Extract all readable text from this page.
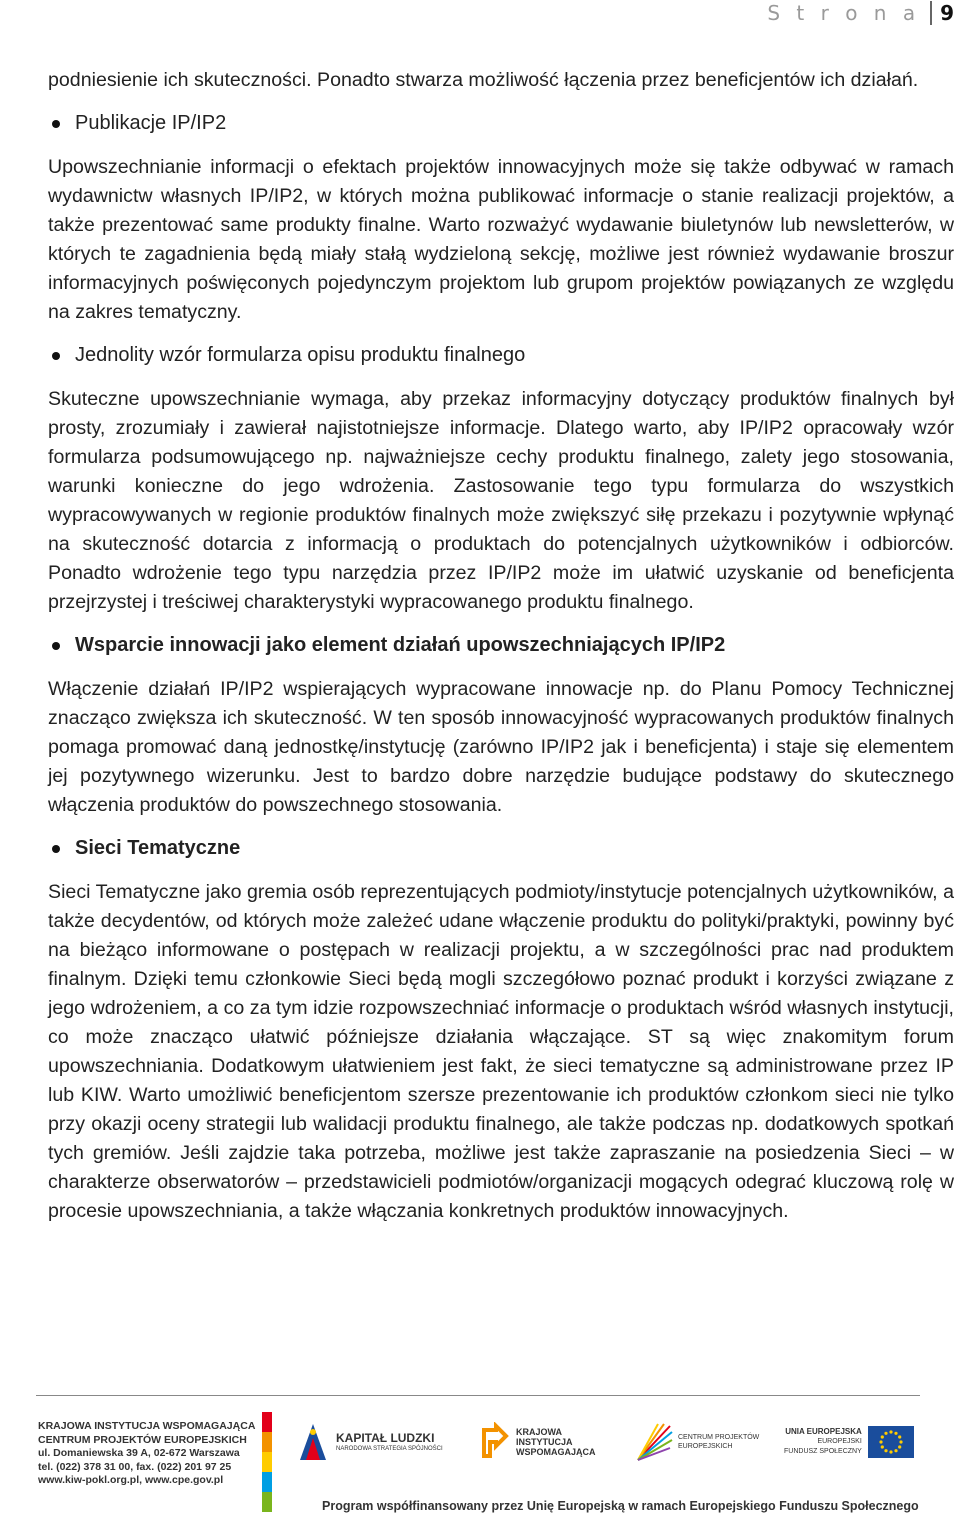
S t r o n a	9

podniesienie ich skuteczności. Ponadto stwarza możliwość łączenia przez beneficjentów ich działań.

Publikacje IP/IP2

Upowszechnianie informacji o efektach projektów innowacyjnych może się także odbywać w ramach wydawnictw własnych IP/IP2, w których można publikować informacje o stanie realizacji projektów, a także prezentować same produkty finalne. Warto rozważyć wydawanie biuletynów lub newsletterów, w których te zagadnienia będą miały stałą wydzieloną sekcję, możliwe jest również wydawanie broszur informacyjnych poświęconych pojedynczym projektom lub grupom projektów powiązanych ze względu na zakres tematyczny.

Jednolity wzór formularza opisu produktu finalnego

Skuteczne upowszechnianie wymaga, aby przekaz informacyjny dotyczący produktów finalnych był prosty, zrozumiały i zawierał najistotniejsze informacje. Dlatego warto, aby IP/IP2 opracowały wzór formularza podsumowującego np. najważniejsze cechy produktu finalnego, zalety jego stosowania, warunki konieczne do jego wdrożenia. Zastosowanie tego typu formularza do wszystkich wypracowywanych w regionie produktów finalnych może zwiększyć siłę przekazu i pozytywnie wpłynąć na skuteczność dotarcia z informacją o produktach do potencjalnych użytkowników i odbiorców. Ponadto wdrożenie tego typu narzędzia przez IP/IP2 może im ułatwić uzyskanie od beneficjenta przejrzystej i treściwej charakterystyki wypracowanego produktu finalnego.

Wsparcie innowacji jako element działań upowszechniających IP/IP2

Włączenie działań IP/IP2 wspierających wypracowane innowacje np. do Planu Pomocy Technicznej znacząco zwiększa ich skuteczność. W ten sposób innowacyjność wypracowanych produktów finalnych pomaga promować daną jednostkę/instytucję (zarówno IP/IP2 jak i beneficjenta) i staje się elementem jej pozytywnego wizerunku. Jest to bardzo dobre narzędzie budujące podstawy do skutecznego włączenia produktów do powszechnego stosowania.

Sieci Tematyczne

Sieci Tematyczne jako gremia osób reprezentujących podmioty/instytucje potencjalnych użytkowników, a także decydentów, od których może zależeć udane włączenie produktu do polityki/praktyki, powinny być na bieżąco informowane o postępach w realizacji projektu, a w szczególności prac nad produktem finalnym. Dzięki temu członkowie Sieci będą mogli szczegółowo poznać produkt i korzyści związane z jego wdrożeniem, a co za tym idzie rozpowszechniać informacje o produktach wśród własnych instytucji, co może znacząco ułatwić późniejsze działania włączające. ST są więc znakomitym forum upowszechniania. Dodatkowym ułatwieniem jest fakt, że sieci tematyczne są administrowane przez IP lub KIW. Warto umożliwić beneficjentom szersze prezentowanie ich produktów członkom sieci nie tylko przy okazji oceny strategii lub walidacji produktu finalnego, ale także podczas np. dodatkowych spotkań tych gremiów. Jeśli zajdzie taka potrzeba, możliwe jest także zapraszanie na posiedzenia Sieci – w charakterze obserwatorów – przedstawicieli podmiotów/organizacji mogących odegrać kluczową rolę w procesie upowszechniania, a także włączania konkretnych produktów innowacyjnych.

KRAJOWA INSTYTUCJA WSPOMAGAJĄCA
CENTRUM PROJEKTÓW EUROPEJSKICH
ul. Domaniewska 39 A, 02-672 Warszawa
tel. (022) 378 31 00, fax. (022) 201 97 25
www.kiw-pokl.org.pl, www.cpe.gov.pl
KAPITAŁ LUDZKI
NARODOWA STRATEGIA SPÓJNOŚCI
KRAJOWA
INSTYTUCJA
WSPOMAGAJĄCA
CENTRUM PROJEKTÓW
EUROPEJSKICH
UNIA EUROPEJSKA
EUROPEJSKI
FUNDUSZ SPOŁECZNY
Program współfinansowany przez Unię Europejską w ramach Europejskiego Funduszu Społecznego
